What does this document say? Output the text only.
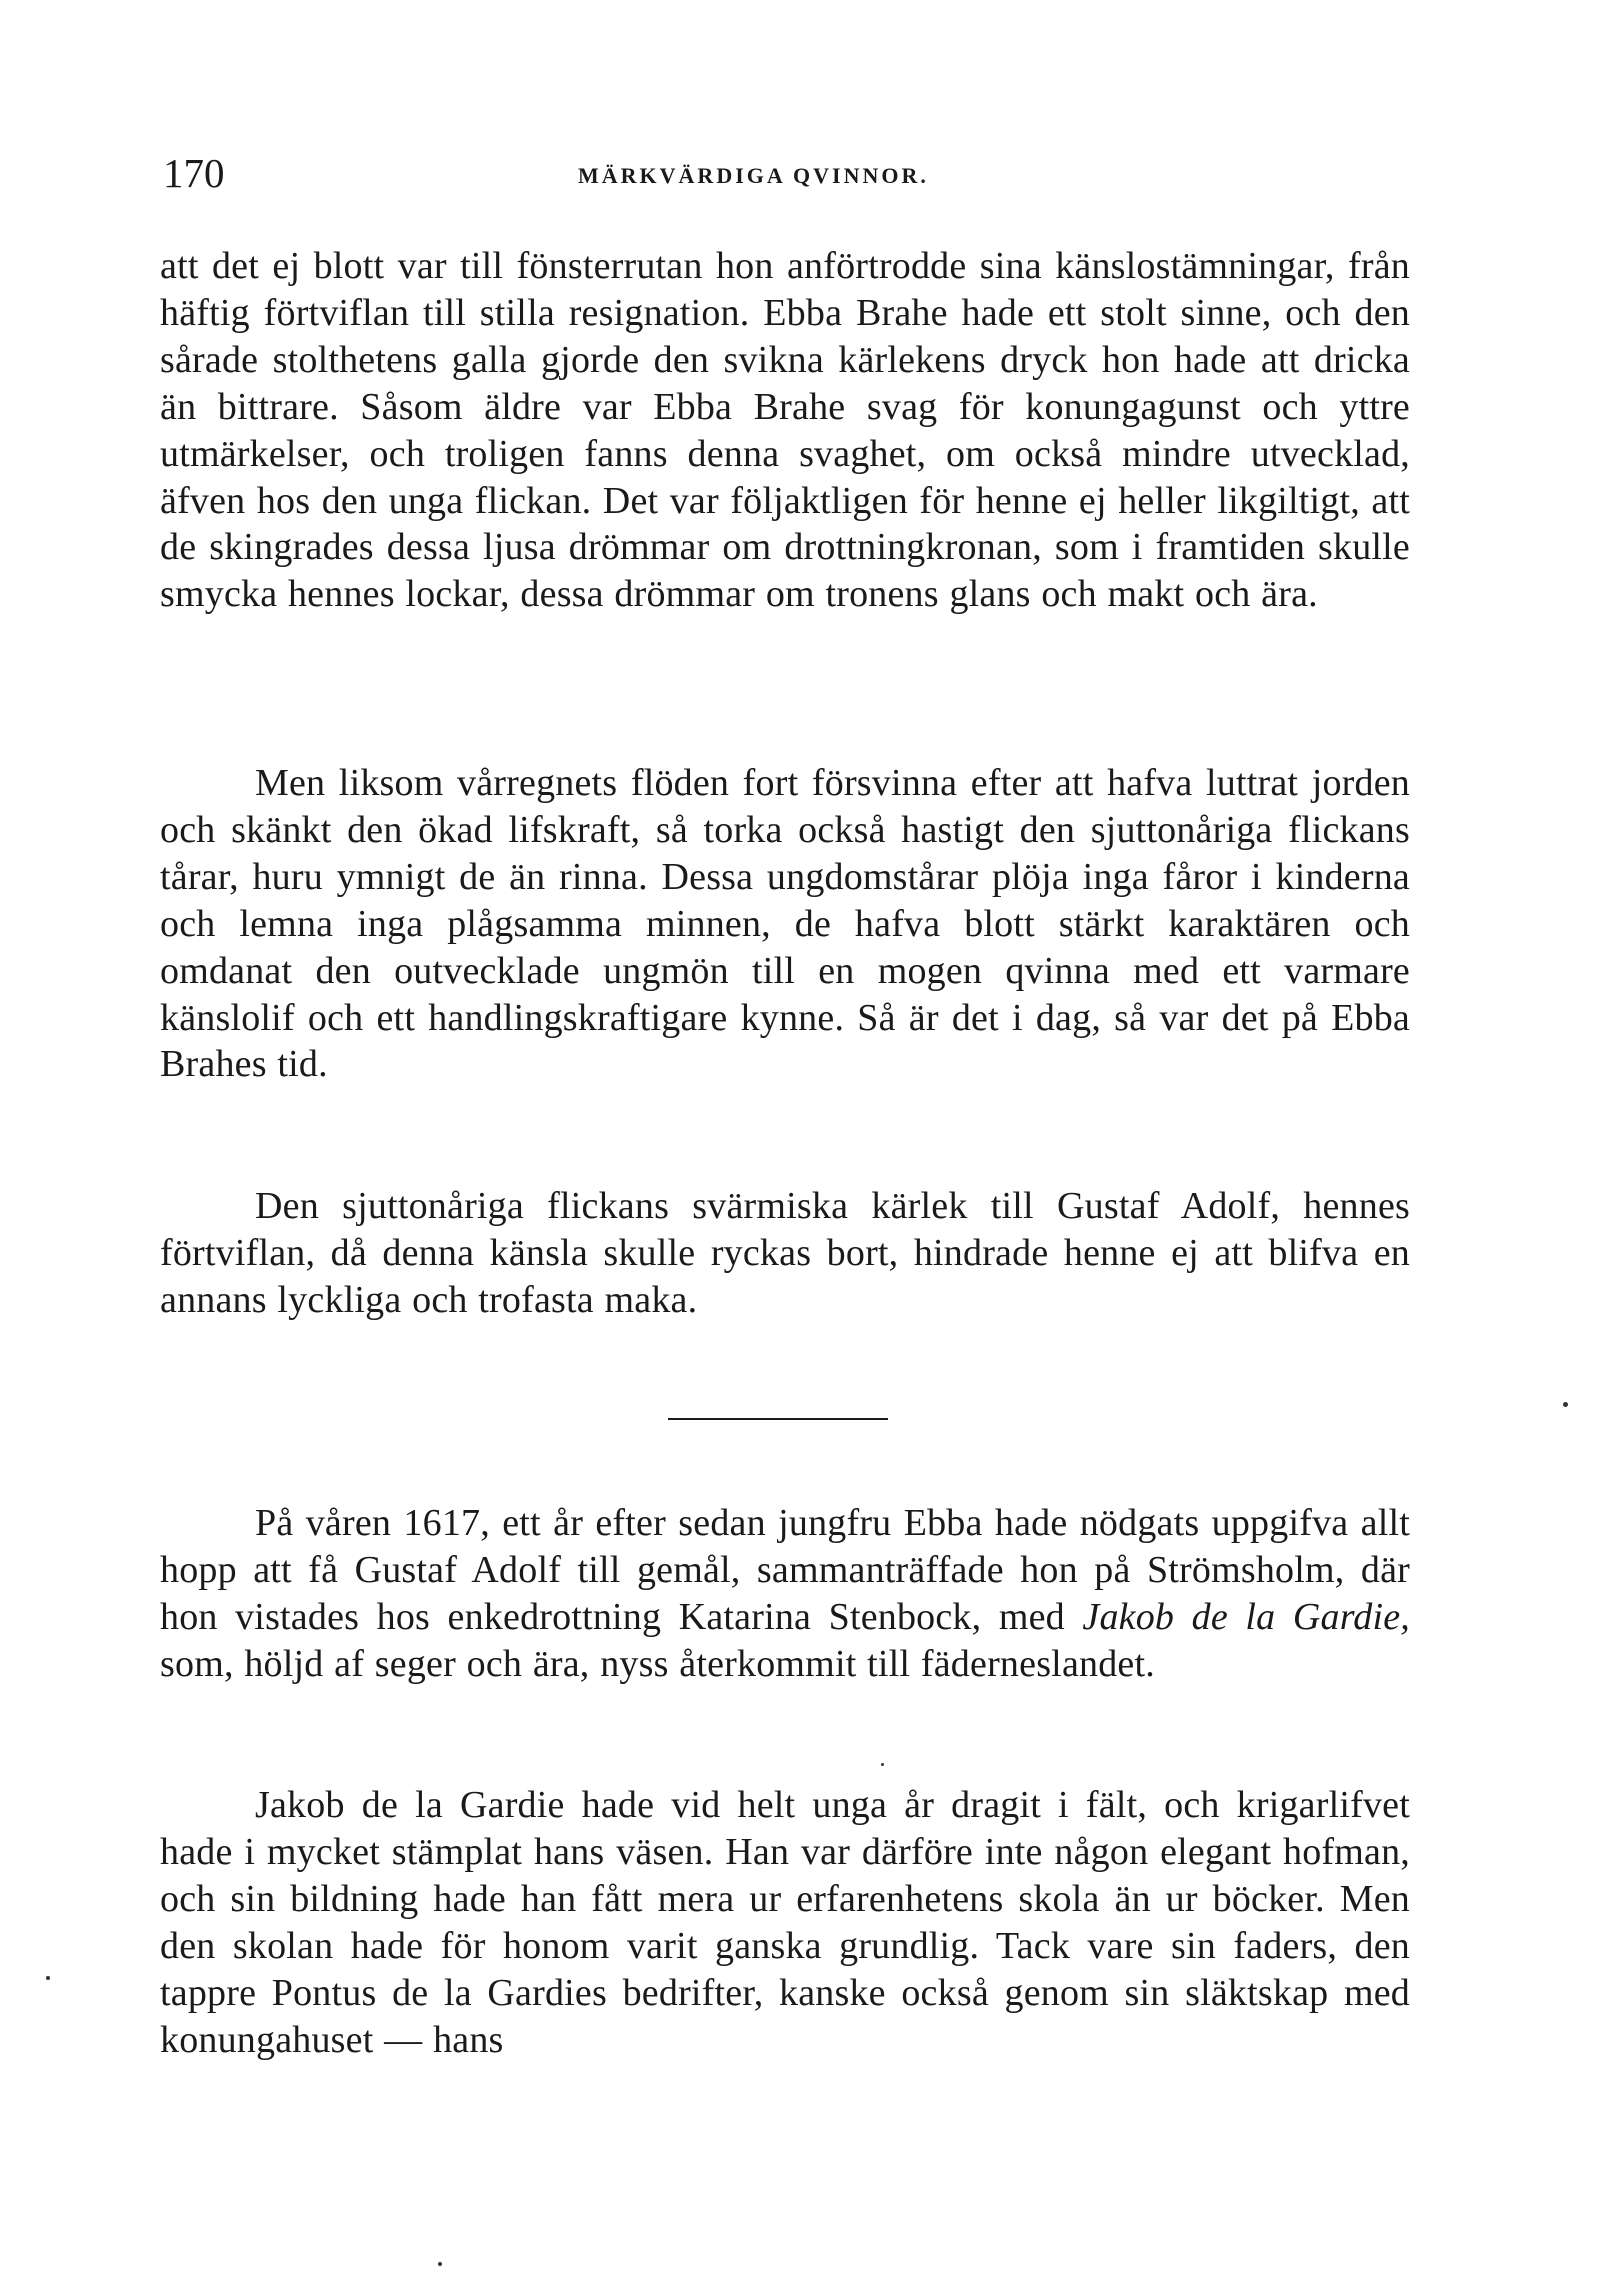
170	MÄRKVÄRDIGA QVINNOR.

att det ej blott var till fönsterrutan hon anförtrodde sina känslostämningar, från häftig förtviflan till stilla resignation. Ebba Brahe hade ett stolt sinne, och den sårade stolthetens galla gjorde den svikna kärlekens dryck hon hade att dricka än bittrare. Såsom äldre var Ebba Brahe svag för konungagunst och yttre utmärkelser, och troligen fanns denna svaghet, om också mindre utvecklad, äfven hos den unga flickan. Det var följaktligen för henne ej heller likgiltigt, att de skingrades dessa ljusa drömmar om drottningkronan, som i framtiden skulle smycka hennes lockar, dessa drömmar om tronens glans och makt och ära.

Men liksom vårregnets flöden fort försvinna efter att hafva luttrat jorden och skänkt den ökad lifskraft, så torka också hastigt den sjuttonåriga flickans tårar, huru ymnigt de än rinna. Dessa ungdomstårar plöja inga fåror i kinderna och lemna inga plågsamma minnen, de hafva blott stärkt karaktären och omdanat den outvecklade ungmön till en mogen qvinna med ett varmare känslolif och ett handlingskraftigare kynne. Så är det i dag, så var det på Ebba Brahes tid.

Den sjuttonåriga flickans svärmiska kärlek till Gustaf Adolf, hennes förtviflan, då denna känsla skulle ryckas bort, hindrade henne ej att blifva en annans lyckliga och trofasta maka.

På våren 1617, ett år efter sedan jungfru Ebba hade nödgats uppgifva allt hopp att få Gustaf Adolf till gemål, sammanträffade hon på Strömsholm, där hon vistades hos enkedrottning Katarina Stenbock, med Jakob de la Gardie, som, höljd af seger och ära, nyss återkommit till fäderneslandet.

Jakob de la Gardie hade vid helt unga år dragit i fält, och krigarlifvet hade i mycket stämplat hans väsen. Han var därföre inte någon elegant hofman, och sin bildning hade han fått mera ur erfarenhetens skola än ur böcker. Men den skolan hade för honom varit ganska grundlig. Tack vare sin faders, den tappre Pontus de la Gardies bedrifter, kanske också genom sin släktskap med konungahuset — hans
